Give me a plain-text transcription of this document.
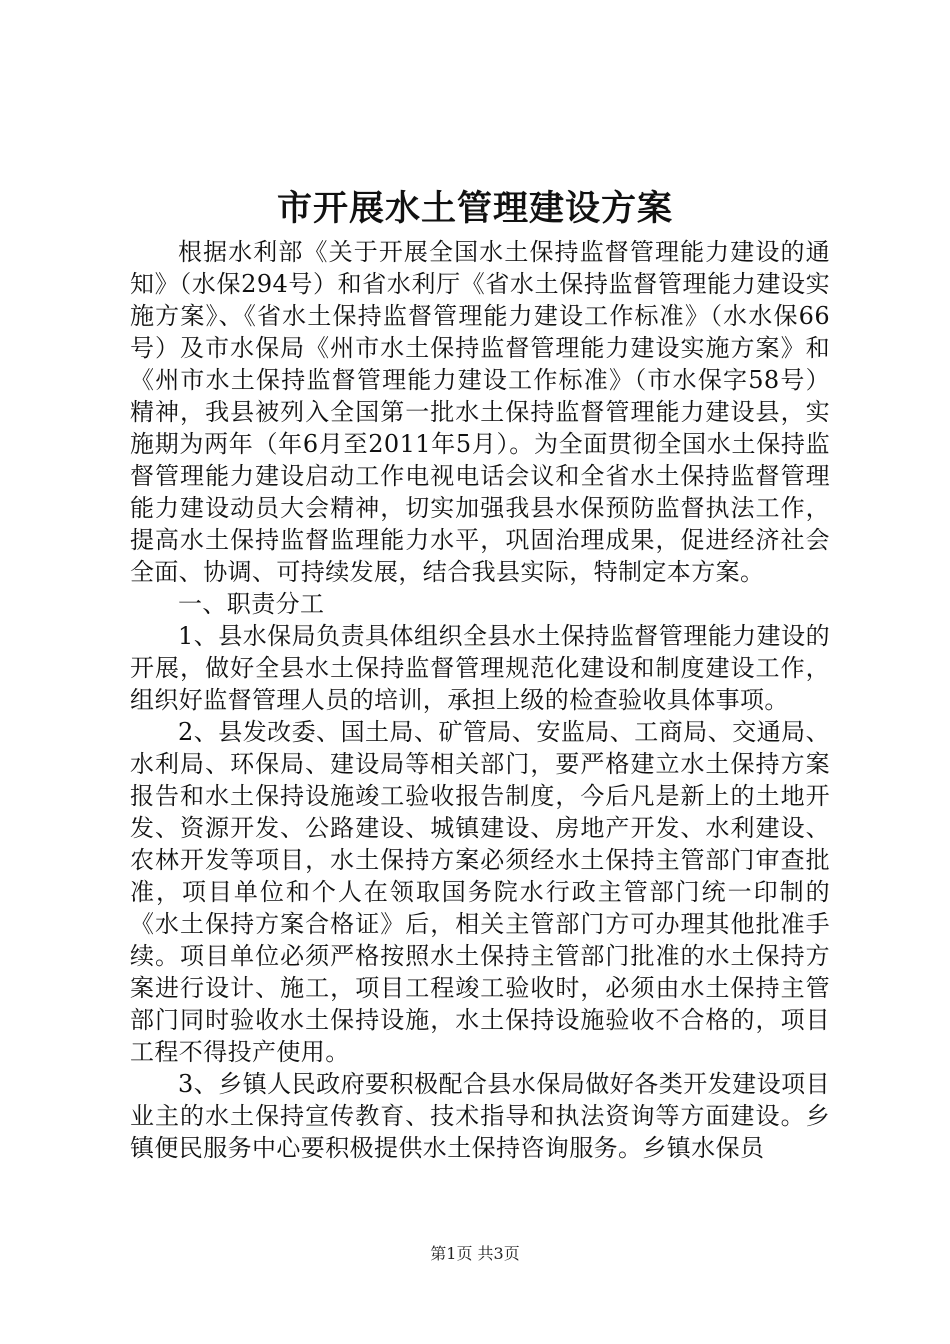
市开展水土管理建设方案

根据水利部《关于开展全国水土保持监督管理能力建设的通知》（水保294号）和省水利厅《省水土保持监督管理能力建设实施方案》、《省水土保持监督管理能力建设工作标准》（水水保66号）及市水保局《州市水土保持监督管理能力建设实施方案》和《州市水土保持监督管理能力建设工作标准》（市水保字58号）精神，我县被列入全国第一批水土保持监督管理能力建设县，实施期为两年（年6月至2011年5月）。为全面贯彻全国水土保持监督管理能力建设启动工作电视电话会议和全省水土保持监督管理能力建设动员大会精神，切实加强我县水保预防监督执法工作，提高水土保持监督监理能力水平，巩固治理成果，促进经济社会全面、协调、可持续发展，结合我县实际，特制定本方案。

一、职责分工

1、县水保局负责具体组织全县水土保持监督管理能力建设的开展，做好全县水土保持监督管理规范化建设和制度建设工作，组织好监督管理人员的培训，承担上级的检查验收具体事项。

2、县发改委、国土局、矿管局、安监局、工商局、交通局、水利局、环保局、建设局等相关部门，要严格建立水土保持方案报告和水土保持设施竣工验收报告制度，今后凡是新上的土地开发、资源开发、公路建设、城镇建设、房地产开发、水利建设、农林开发等项目，水土保持方案必须经水土保持主管部门审查批准，项目单位和个人在领取国务院水行政主管部门统一印制的《水土保持方案合格证》后，相关主管部门方可办理其他批准手续。项目单位必须严格按照水土保持主管部门批准的水土保持方案进行设计、施工，项目工程竣工验收时，必须由水土保持主管部门同时验收水土保持设施，水土保持设施验收不合格的，项目工程不得投产使用。

3、乡镇人民政府要积极配合县水保局做好各类开发建设项目业主的水土保持宣传教育、技术指导和执法资询等方面建设。乡镇便民服务中心要积极提供水土保持咨询服务。乡镇水保员

第1页 共3页
